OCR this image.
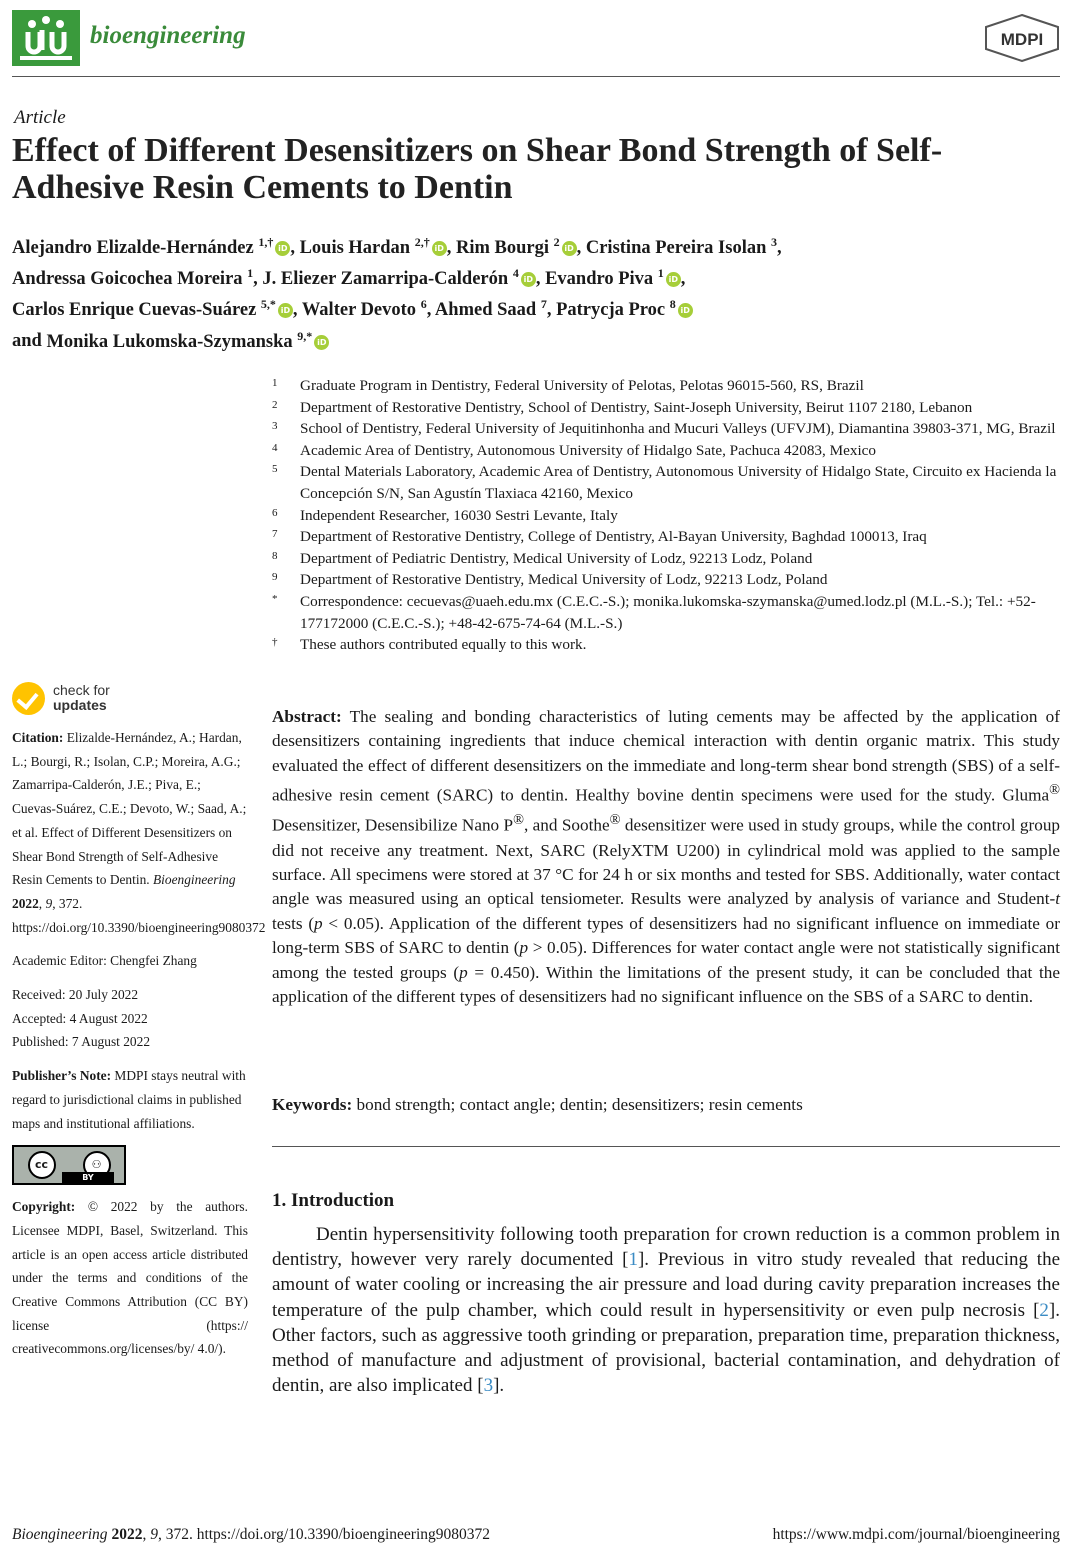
bioengineering	MDPI
Article
Effect of Different Desensitizers on Shear Bond Strength of Self-Adhesive Resin Cements to Dentin
Alejandro Elizalde-Hernández $^{1,\dagger}$ iD , Louis Hardan $^{2,\dagger}$ iD , Rim Bourgi $^2$ iD , Cristina Pereira Isolan $^3$,
Andressa Goicochea Moreira $^1$, J. Eliezer Zamarripa-Calderón $^4$ iD , Evandro Piva $^1$ iD ,
Carlos Enrique Cuevas-Suárez $^{5,*}$ iD , Walter Devoto $^6$, Ahmed Saad $^7$, Patrycja Proc $^8$ iD
and Monika Lukomska-Szymanska $^{9,*}$ iD
1	Graduate Program in Dentistry, Federal University of Pelotas, Pelotas 96015-560, RS, Brazil
2	Department of Restorative Dentistry, School of Dentistry, Saint-Joseph University, Beirut 1107 2180, Lebanon
3	School of Dentistry, Federal University of Jequitinhonha and Mucuri Valleys (UFVJM), Diamantina 39803-371, MG, Brazil
4	Academic Area of Dentistry, Autonomous University of Hidalgo Sate, Pachuca 42083, Mexico
5	Dental Materials Laboratory, Academic Area of Dentistry, Autonomous University of Hidalgo State, Circuito ex Hacienda la Concepción S/N, San Agustín Tlaxiaca 42160, Mexico
6	Independent Researcher, 16030 Sestri Levante, Italy
7	Department of Restorative Dentistry, College of Dentistry, Al-Bayan University, Baghdad 100013, Iraq
8	Department of Pediatric Dentistry, Medical University of Lodz, 92213 Lodz, Poland
9	Department of Restorative Dentistry, Medical University of Lodz, 92213 Lodz, Poland
*	Correspondence: cecuevas@uaeh.edu.mx (C.E.C.-S.); monika.lukomska-szymanska@umed.lodz.pl (M.L.-S.); Tel.: +52-177172000 (C.E.C.-S.); +48-42-675-74-64 (M.L.-S.)
†	These authors contributed equally to this work.
check for
updates
Citation: Elizalde-Hernández, A.; Hardan, L.; Bourgi, R.; Isolan, C.P.; Moreira, A.G.; Zamarripa-Calderón, J.E.; Piva, E.; Cuevas-Suárez, C.E.; Devoto, W.; Saad, A.; et al. Effect of Different Desensitizers on Shear Bond Strength of Self-Adhesive Resin Cements to Dentin. Bioengineering 2022, 9, 372. https://doi.org/10.3390/bioengineering9080372
Academic Editor: Chengfei Zhang
Received: 20 July 2022
Accepted: 4 August 2022
Published: 7 August 2022
Publisher’s Note: MDPI stays neutral with regard to jurisdictional claims in published maps and institutional affiliations.
cc	⚇
BY
Copyright: © 2022 by the authors. Licensee MDPI, Basel, Switzerland. This article is an open access article distributed under the terms and conditions of the Creative Commons Attribution (CC BY) license (https:// creativecommons.org/licenses/by/ 4.0/).
Abstract: The sealing and bonding characteristics of luting cements may be affected by the application of desensitizers containing ingredients that induce chemical interaction with dentin organic matrix. This study evaluated the effect of different desensitizers on the immediate and long-term shear bond strength (SBS) of a self-adhesive resin cement (SARC) to dentin. Healthy bovine dentin specimens were used for the study. Gluma® Desensitizer, Desensibilize Nano P®, and Soothe® desensitizer were used in study groups, while the control group did not receive any treatment. Next, SARC (RelyXTM U200) in cylindrical mold was applied to the sample surface. All specimens were stored at 37 °C for 24 h or six months and tested for SBS. Additionally, water contact angle was measured using an optical tensiometer. Results were analyzed by analysis of variance and Student-t tests (p < 0.05). Application of the different types of desensitizers had no significant influence on immediate or long-term SBS of SARC to dentin (p > 0.05). Differences for water contact angle were not statistically significant among the tested groups (p = 0.450). Within the limitations of the present study, it can be concluded that the application of the different types of desensitizers had no significant influence on the SBS of a SARC to dentin.
Keywords: bond strength; contact angle; dentin; desensitizers; resin cements
1. Introduction
Dentin hypersensitivity following tooth preparation for crown reduction is a common problem in dentistry, however very rarely documented [1]. Previous in vitro study revealed that reducing the amount of water cooling or increasing the air pressure and load during cavity preparation increases the temperature of the pulp chamber, which could result in hypersensitivity or even pulp necrosis [2]. Other factors, such as aggressive tooth grinding or preparation, preparation time, preparation thickness, method of manufacture and adjustment of provisional, bacterial contamination, and dehydration of dentin, are also implicated [3].
Bioengineering 2022, 9, 372. https://doi.org/10.3390/bioengineering9080372	https://www.mdpi.com/journal/bioengineering
